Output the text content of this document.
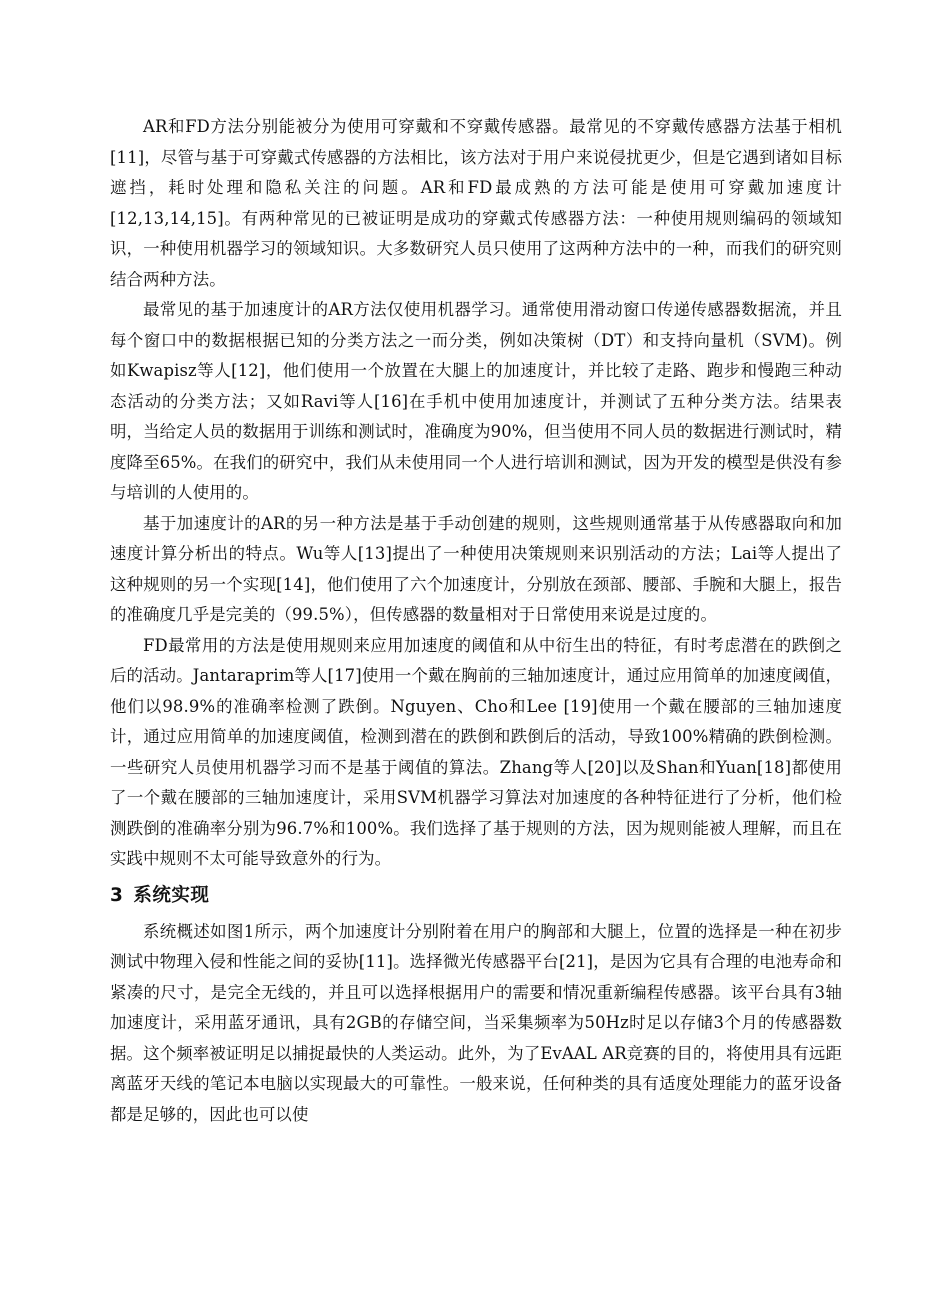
AR和FD方法分别能被分为使用可穿戴和不穿戴传感器。最常见的不穿戴传感器方法基于相机[11]，尽管与基于可穿戴式传感器的方法相比，该方法对于用户来说侵扰更少，但是它遇到诸如目标遮挡，耗时处理和隐私关注的问题。AR和FD最成熟的方法可能是使用可穿戴加速度计[12,13,14,15]。有两种常见的已被证明是成功的穿戴式传感器方法：一种使用规则编码的领域知识，一种使用机器学习的领域知识。大多数研究人员只使用了这两种方法中的一种，而我们的研究则结合两种方法。

最常见的基于加速度计的AR方法仅使用机器学习。通常使用滑动窗口传递传感器数据流，并且每个窗口中的数据根据已知的分类方法之一而分类，例如决策树（DT）和支持向量机（SVM)。例如Kwapisz等人[12]，他们使用一个放置在大腿上的加速度计，并比较了走路、跑步和慢跑三种动态活动的分类方法；又如Ravi等人[16]在手机中使用加速度计，并测试了五种分类方法。结果表明，当给定人员的数据用于训练和测试时，准确度为90%，但当使用不同人员的数据进行测试时，精度降至65%。在我们的研究中，我们从未使用同一个人进行培训和测试，因为开发的模型是供没有参与培训的人使用的。

基于加速度计的AR的另一种方法是基于手动创建的规则，这些规则通常基于从传感器取向和加速度计算分析出的特点。Wu等人[13]提出了一种使用决策规则来识别活动的方法；Lai等人提出了这种规则的另一个实现[14]，他们使用了六个加速度计，分别放在颈部、腰部、手腕和大腿上，报告的准确度几乎是完美的（99.5%），但传感器的数量相对于日常使用来说是过度的。

FD最常用的方法是使用规则来应用加速度的阈值和从中衍生出的特征，有时考虑潜在的跌倒之后的活动。Jantaraprim等人[17]使用一个戴在胸前的三轴加速度计，通过应用简单的加速度阈值，他们以98.9%的准确率检测了跌倒。Nguyen、Cho和Lee [19]使用一个戴在腰部的三轴加速度计，通过应用简单的加速度阈值，检测到潜在的跌倒和跌倒后的活动，导致100%精确的跌倒检测。一些研究人员使用机器学习而不是基于阈值的算法。Zhang等人[20]以及Shan和Yuan[18]都使用了一个戴在腰部的三轴加速度计，采用SVM机器学习算法对加速度的各种特征进行了分析，他们检测跌倒的准确率分别为96.7%和100%。我们选择了基于规则的方法，因为规则能被人理解，而且在实践中规则不太可能导致意外的行为。

3 系统实现

系统概述如图1所示，两个加速度计分别附着在用户的胸部和大腿上，位置的选择是一种在初步测试中物理入侵和性能之间的妥协[11]。选择微光传感器平台[21]，是因为它具有合理的电池寿命和紧凑的尺寸，是完全无线的，并且可以选择根据用户的需要和情况重新编程传感器。该平台具有3轴加速度计，采用蓝牙通讯，具有2GB的存储空间，当采集频率为50Hz时足以存储3个月的传感器数据。这个频率被证明足以捕捉最快的人类运动。此外，为了EvAAL AR竞赛的目的，将使用具有远距离蓝牙天线的笔记本电脑以实现最大的可靠性。一般来说，任何种类的具有适度处理能力的蓝牙设备都是足够的，因此也可以使
